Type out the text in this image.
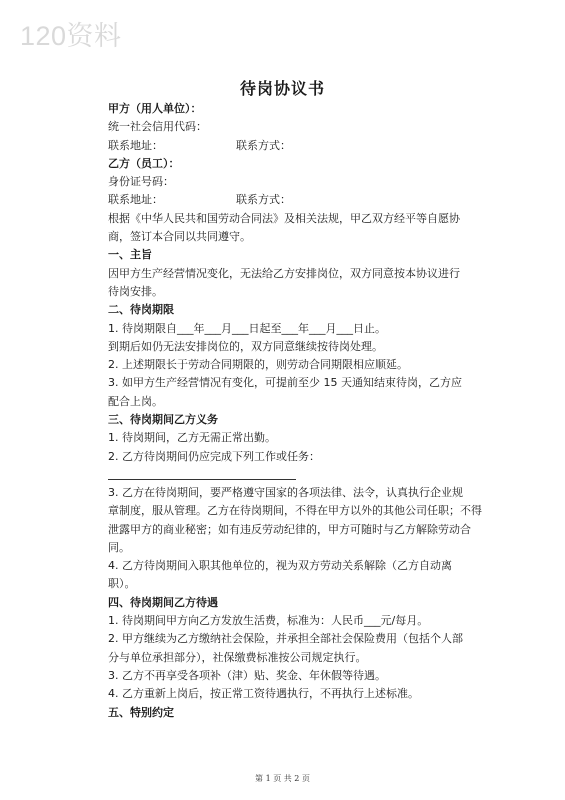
120资料
待岗协议书

甲方（用人单位）：

统一社会信用代码：

联系地址：	联系方式：

乙方（员工）：

身份证号码：

联系地址：	联系方式：

根据《中华人民共和国劳动合同法》及相关法规，甲乙双方经平等自愿协

商，签订本合同以共同遵守。

一、主旨

因甲方生产经营情况变化，无法给乙方安排岗位，双方同意按本协议进行

待岗安排。

二、待岗期限

1. 待岗期限自___年___月___日起至___年___月___日止。

到期后如仍无法安排岗位的，双方同意继续按待岗处理。

2. 上述期限长于劳动合同期限的，则劳动合同期限相应顺延。

3. 如甲方生产经营情况有变化，可提前至少 15 天通知结束待岗，乙方应

配合上岗。

三、待岗期间乙方义务

1. 待岗期间，乙方无需正常出勤。

2. 乙方待岗期间仍应完成下列工作或任务：

3. 乙方在待岗期间，要严格遵守国家的各项法律、法令，认真执行企业规

章制度，服从管理。乙方在待岗期间，不得在甲方以外的其他公司任职；不得

泄露甲方的商业秘密；如有违反劳动纪律的，甲方可随时与乙方解除劳动合

同。

4. 乙方待岗期间入职其他单位的，视为双方劳动关系解除（乙方自动离

职）。

四、待岗期间乙方待遇

1. 待岗期间甲方向乙方发放生活费，标准为：人民币___元/每月。

2. 甲方继续为乙方缴纳社会保险，并承担全部社会保险费用（包括个人部

分与单位承担部分），社保缴费标准按公司规定执行。

3. 乙方不再享受各项补（津）贴、奖金、年休假等待遇。

4. 乙方重新上岗后，按正常工资待遇执行，不再执行上述标准。

五、特别约定

第 1 页 共 2 页
